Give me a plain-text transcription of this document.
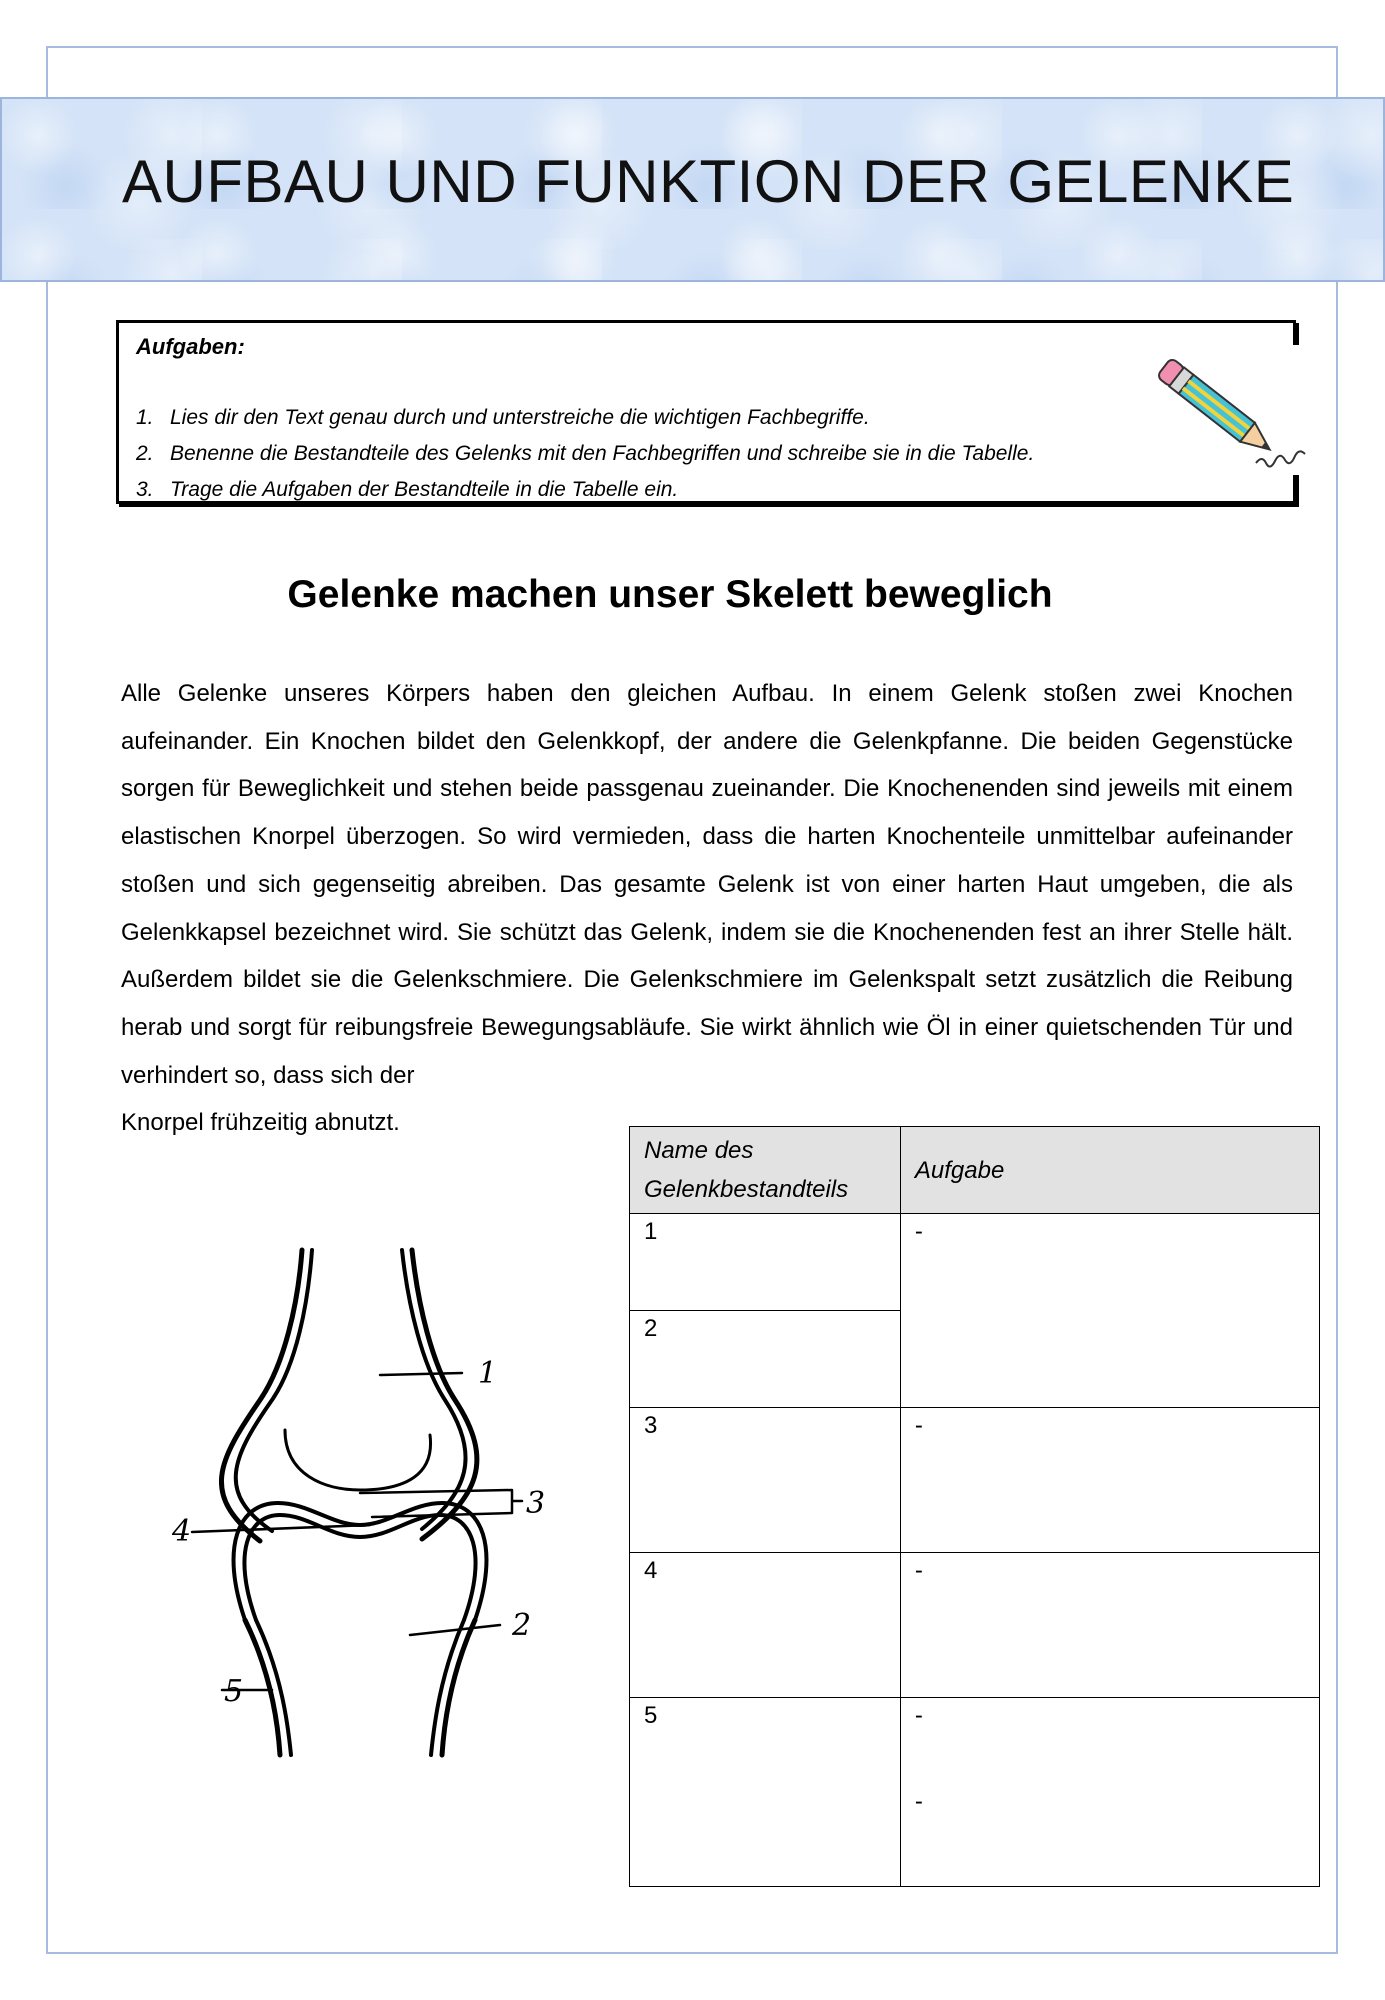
AUFBAU UND FUNKTION DER GELENKE

Aufgaben:

1. Lies dir den Text genau durch und unterstreiche die wichtigen Fachbegriffe.
2. Benenne die Bestandteile des Gelenks mit den Fachbegriffen und schreibe sie in die Tabelle.
3. Trage die Aufgaben der Bestandteile in die Tabelle ein.
Gelenke machen unser Skelett beweglich
Alle Gelenke unseres Körpers haben den gleichen Aufbau. In einem Gelenk stoßen zwei Knochen aufeinander. Ein Knochen bildet den Gelenkkopf, der andere die Gelenkpfanne. Die beiden Gegenstücke sorgen für Beweglichkeit und stehen beide passgenau zueinander. Die Knochenenden sind jeweils mit einem elastischen Knorpel überzogen. So wird vermieden, dass die harten Knochenteile unmittelbar aufeinander stoßen und sich gegenseitig abreiben. Das gesamte Gelenk ist von einer harten Haut umgeben, die als Gelenkkapsel bezeichnet wird. Sie schützt das Gelenk, indem sie die Knochenenden fest an ihrer Stelle hält. Außerdem bildet sie die Gelenkschmiere. Die Gelenkschmiere im Gelenkspalt setzt zusätzlich die Reibung herab und sorgt für reibungsfreie Bewegungsabläufe. Sie wirkt ähnlich wie Öl in einer quietschenden Tür und verhindert so, dass sich der
Knorpel frühzeitig abnutzt.
1
3
4
2
5
Name des
Gelenkbestandteils	Aufgabe
1	-
2	
3	-
4	-
5	-
-
